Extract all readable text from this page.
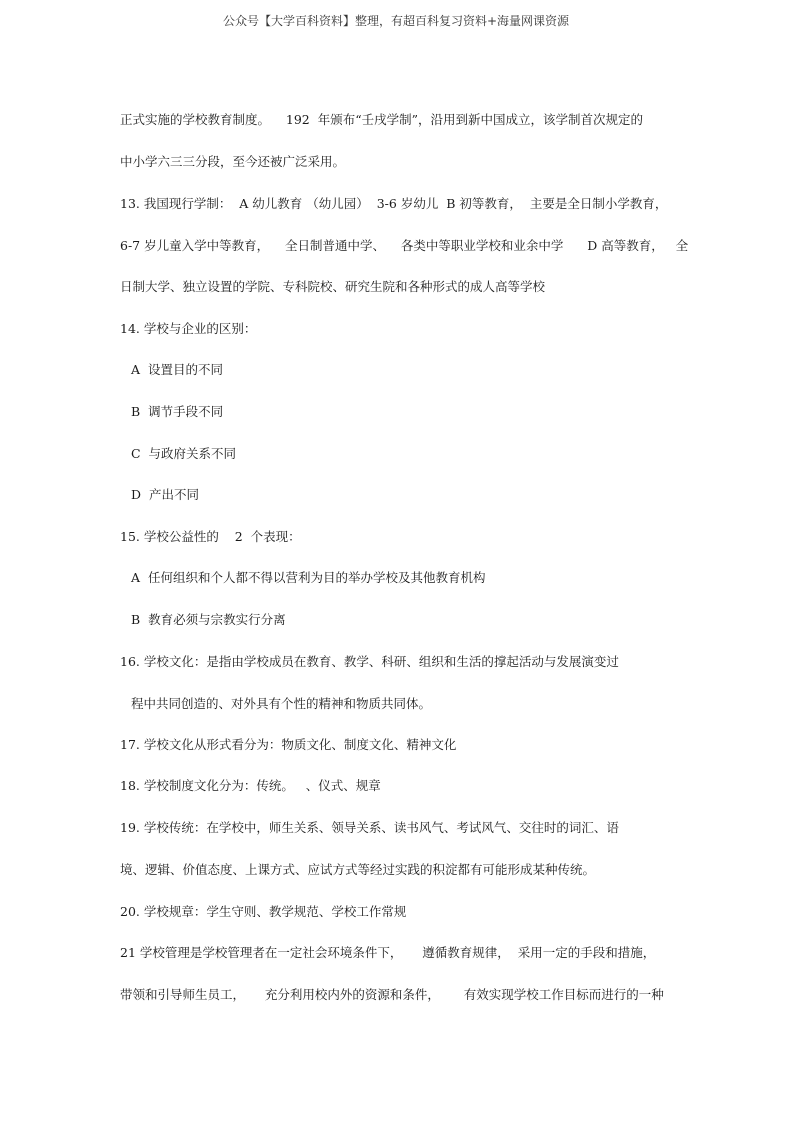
公众号【大学百科资料】整理，有超百科复习资料+海量网课资源
正式实施的学校教育制度。    192  年颁布“壬戌学制”，沿用到新中国成立，该学制首次规定的
中小学六三三分段，至今还被广泛采用。
13. 我国现行学制：  A 幼儿教育 （幼儿园）  3-6 岁幼儿  B 初等教育，  主要是全日制小学教育，
6-7 岁儿童入学中等教育，    全日制普通中学、    各类中等职业学校和业余中学      D 高等教育，   全
日制大学、独立设置的学院、专科院校、研究生院和各种形式的成人高等学校
14. 学校与企业的区别：
A  设置目的不同
B  调节手段不同
C  与政府关系不同
D  产出不同
15. 学校公益性的    2  个表现：
A  任何组织和个人都不得以营利为目的举办学校及其他教育机构
B  教育必须与宗教实行分离
16. 学校文化：是指由学校成员在教育、教学、科研、组织和生活的撑起活动与发展演变过
程中共同创造的、对外具有个性的精神和物质共同体。
17. 学校文化从形式看分为：物质文化、制度文化、精神文化
18. 学校制度文化分为：传统。   、仪式、规章
19. 学校传统：在学校中，师生关系、领导关系、读书风气、考试风气、交往时的词汇、语
境、逻辑、价值态度、上课方式、应试方式等经过实践的积淀都有可能形成某种传统。
20. 学校规章：学生守则、教学规范、学校工作常规
21 学校管理是学校管理者在一定社会环境条件下，     遵循教育规律，  采用一定的手段和措施，
带领和引导师生员工，     充分利用校内外的资源和条件，      有效实现学校工作目标而进行的一种
